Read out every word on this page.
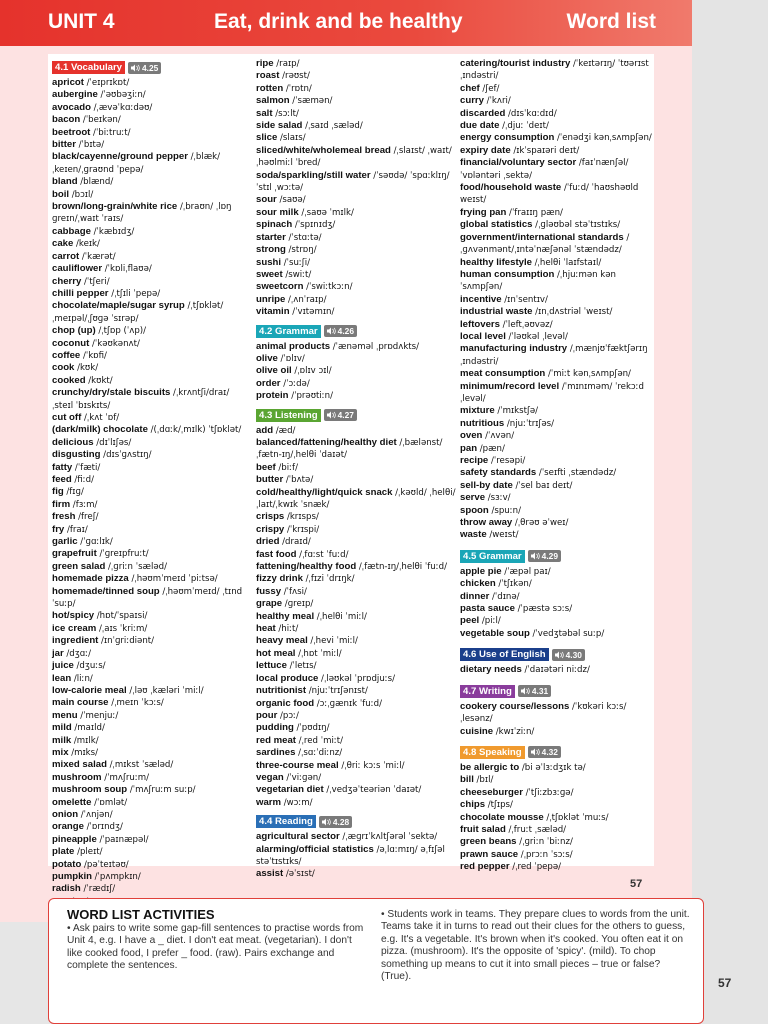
UNIT 4	Eat, drink and be healthy	Word list
4.1 Vocabulary	4.25
apricot /ˈeɪprɪkɒt/
aubergine /ˈəʊbəʒiːn/
avocado /ˌævəˈkɑːdəʊ/
bacon /ˈbeɪkən/
beetroot /ˈbiːtruːt/
bitter /ˈbɪtə/
black/cayenne/ground pepper /ˌblæk/ ˌkeɪen/ˌɡraʊnd ˈpepə/
bland /blænd/
boil /bɔɪl/
brown/long-grain/white rice /ˌbraʊn/ ˌlɒŋ ɡreɪn/ˌwaɪt ˈraɪs/
cabbage /ˈkæbɪdʒ/
cake /keɪk/
carrot /ˈkærət/
cauliflower /ˈkɒliˌflaʊə/
cherry /ˈtʃeri/
chilli pepper /ˌtʃɪli ˈpepə/
chocolate/maple/sugar syrup /ˌtʃɒklət/ ˌmeɪpəl/ˌʃʊɡə ˈsɪrəp/
chop (up) /ˌtʃɒp (ˈʌp)/
coconut /ˈkəʊkənʌt/
coffee /ˈkɒfi/
cook /kʊk/
cooked /kʊkt/
crunchy/dry/stale biscuits /ˌkrʌntʃi/draɪ/ ˌsteɪl ˈbɪskɪts/
cut off /ˌkʌt ˈɒf/
(dark/milk) chocolate /(ˌdɑːk/ˌmɪlk) ˈtʃɒklət/
delicious /dɪˈlɪʃəs/
disgusting /dɪsˈɡʌstɪŋ/
fatty /ˈfæti/
feed /fiːd/
fig /fɪɡ/
firm /fɜːm/
fresh /freʃ/
fry /fraɪ/
garlic /ˈɡɑːlɪk/
grapefruit /ˈɡreɪpfruːt/
green salad /ˌɡriːn ˈsæləd/
homemade pizza /ˌhəʊmˈmeɪd ˈpiːtsə/
homemade/tinned soup /ˌhəʊmˈmeɪd/ ˌtɪnd ˈsuːp/
hot/spicy /hɒt/ˈspaɪsi/
ice cream /ˌaɪs ˈkriːm/
ingredient /ɪnˈɡriːdiənt/
jar /dʒɑː/
juice /dʒuːs/
lean /liːn/
low-calorie meal /ˌləʊ ˌkæləri ˈmiːl/
main course /ˌmeɪn ˈkɔːs/
menu /ˈmenjuː/
mild /maɪld/
milk /mɪlk/
mix /mɪks/
mixed salad /ˌmɪkst ˈsæləd/
mushroom /ˈmʌʃruːm/
mushroom soup /ˈmʌʃruːm suːp/
omelette /ˈɒmlət/
onion /ˈʌnjən/
orange /ˈɒrɪndʒ/
pineapple /ˈpaɪnæpəl/
plate /pleɪt/
potato /pəˈteɪtəʊ/
pumpkin /ˈpʌmpkɪn/
radish /ˈrædɪʃ/
ripe /raɪp/
roast /rəʊst/
rotten /ˈrɒtn/
salmon /ˈsæmən/
salt /sɔːlt/
side salad /ˌsaɪd ˌsæləd/
slice /slaɪs/
sliced/white/wholemeal bread /ˌslaɪst/ ˌwaɪt/ˌhəʊlmiːl ˈbred/
soda/sparkling/still water /ˈsəʊdə/ ˈspɑːklɪŋ/ˈstɪl ˌwɔːtə/
sour /saʊə/
sour milk /ˌsaʊə ˈmɪlk/
spinach /ˈspɪnɪdʒ/
starter /ˈstɑːtə/
strong /strɒŋ/
sushi /ˈsuːʃi/
sweet /swiːt/
sweetcorn /ˈswiːtkɔːn/
unripe /ˌʌnˈraɪp/
vitamin /ˈvɪtəmɪn/
4.2 Grammar	4.26
animal products /ˈænəməl ˌprɒdʌkts/
olive /ˈɒlɪv/
olive oil /ˌɒlɪv ɔɪl/
order /ˈɔːdə/
protein /ˈprəʊtiːn/
4.3 Listening	4.27
add /æd/
balanced/fattening/healthy diet /ˌbælənst/ˌfætn-ɪŋ/ˌhelθi ˈdaɪət/
beef /biːf/
butter /ˈbʌtə/
cold/healthy/light/quick snack /ˌkəʊld/ ˌhelθi/ˌlaɪt/ˌkwɪk ˈsnæk/
crisps /krɪsps/
crispy /ˈkrɪspi/
dried /draɪd/
fast food /ˌfɑːst ˈfuːd/
fattening/healthy food /ˌfætn-ɪŋ/ˌhelθi ˈfuːd/
fizzy drink /ˌfɪzi ˈdrɪŋk/
fussy /ˈfʌsi/
grape /ɡreɪp/
healthy meal /ˌhelθi ˈmiːl/
heat /hiːt/
heavy meal /ˌhevi ˈmiːl/
hot meal /ˌhɒt ˈmiːl/
lettuce /ˈletɪs/
local produce /ˌləʊkəl ˈprɒdjuːs/
nutritionist /njuːˈtrɪʃənɪst/
organic food /ɔːˌɡænɪk ˈfuːd/
pour /pɔː/
pudding /ˈpʊdɪŋ/
red meat /ˌred ˈmiːt/
sardines /ˌsɑːˈdiːnz/
three-course meal /ˌθriː kɔːs ˈmiːl/
vegan /ˈviːɡən/
vegetarian diet /ˌvedʒəˈteəriən ˈdaɪət/
warm /wɔːm/
4.4 Reading	4.28
agricultural sector /ˌæɡrɪˈkʌltʃərəl ˈsektə/
alarming/official statistics /əˌlɑːmɪŋ/ əˌfɪʃəl stəˈtɪstɪks/
assist /əˈsɪst/
catering/tourist industry /ˈkeɪtərɪŋ/ ˈtʊərɪst ˌɪndəstri/
chef /ʃef/
curry /ˈkʌri/
discarded /dɪsˈkɑːdɪd/
due date /ˌdjuː ˈdeɪt/
energy consumption /ˈenədʒi kənˌsʌmpʃən/
expiry date /ɪkˈspaɪəri deɪt/
financial/voluntary sector /faɪˈnænʃəl/ ˈvɒləntəri ˌsektə/
food/household waste /ˈfuːd/ ˈhaʊshəʊld weɪst/
frying pan /ˈfraɪɪŋ pæn/
global statistics /ˌɡləʊbəl stəˈtɪstɪks/
government/international standards /ˌɡʌvənmənt/ˌɪntəˈnæʃənəl ˈstændədz/
healthy lifestyle /ˌhelθi ˈlaɪfstaɪl/
human consumption /ˌhjuːmən kənˈsʌmpʃən/
incentive /ɪnˈsentɪv/
industrial waste /ɪnˌdʌstriəl ˈweɪst/
leftovers /ˈleftˌəʊvəz/
local level /ˈləʊkəl ˌlevəl/
manufacturing industry /ˌmænjʊˈfæktʃərɪŋ ˌɪndəstri/
meat consumption /ˈmiːt kənˌsʌmpʃən/
minimum/record level /ˈmɪnɪməm/ ˈrekɔːd ˌlevəl/
mixture /ˈmɪkstʃə/
nutritious /njuːˈtrɪʃəs/
oven /ˈʌvən/
pan /pæn/
recipe /ˈresəpi/
safety standards /ˈseɪfti ˌstændədz/
sell-by date /ˈsel baɪ deɪt/
serve /sɜːv/
spoon /spuːn/
throw away /ˌθrəʊ əˈweɪ/
waste /weɪst/
4.5 Grammar	4.29
apple pie /ˈæpəl paɪ/
chicken /ˈtʃɪkən/
dinner /ˈdɪnə/
pasta sauce /ˈpæstə sɔːs/
peel /piːl/
vegetable soup /ˈvedʒtəbəl suːp/
4.6 Use of English	4.30
dietary needs /ˈdaɪətəri niːdz/
4.7 Writing	4.31
cookery course/lessons /ˈkʊkəri kɔːs/ ˌlesənz/
cuisine /kwɪˈziːn/
4.8 Speaking	4.32
be allergic to /bi əˈlɜːdʒɪk tə/
bill /bɪl/
cheeseburger /ˈtʃiːzbɜːɡə/
chips /tʃɪps/
chocolate mousse /ˌtʃɒklət ˈmuːs/
fruit salad /ˌfruːt ˌsæləd/
green beans /ˌɡriːn ˈbiːnz/
prawn sauce /ˌprɔːn ˈsɔːs/
red pepper /ˌred ˈpepə/
57
WORD LIST ACTIVITIES

• Ask pairs to write some gap-fill sentences to practise words from Unit 4, e.g. I have a _ diet. I don't eat meat. (vegetarian). I don't like cooked food, I prefer _ food. (raw). Pairs exchange and complete the sentences.

• Students work in teams. They prepare clues to words from the unit. Teams take it in turns to read out their clues for the others to guess, e.g. It's a vegetable. It's brown when it's cooked. You often eat it on pizza. (mushroom). It's the opposite of 'spicy'. (mild). To chop something up means to cut it into small pieces – true or false? (True).	57
